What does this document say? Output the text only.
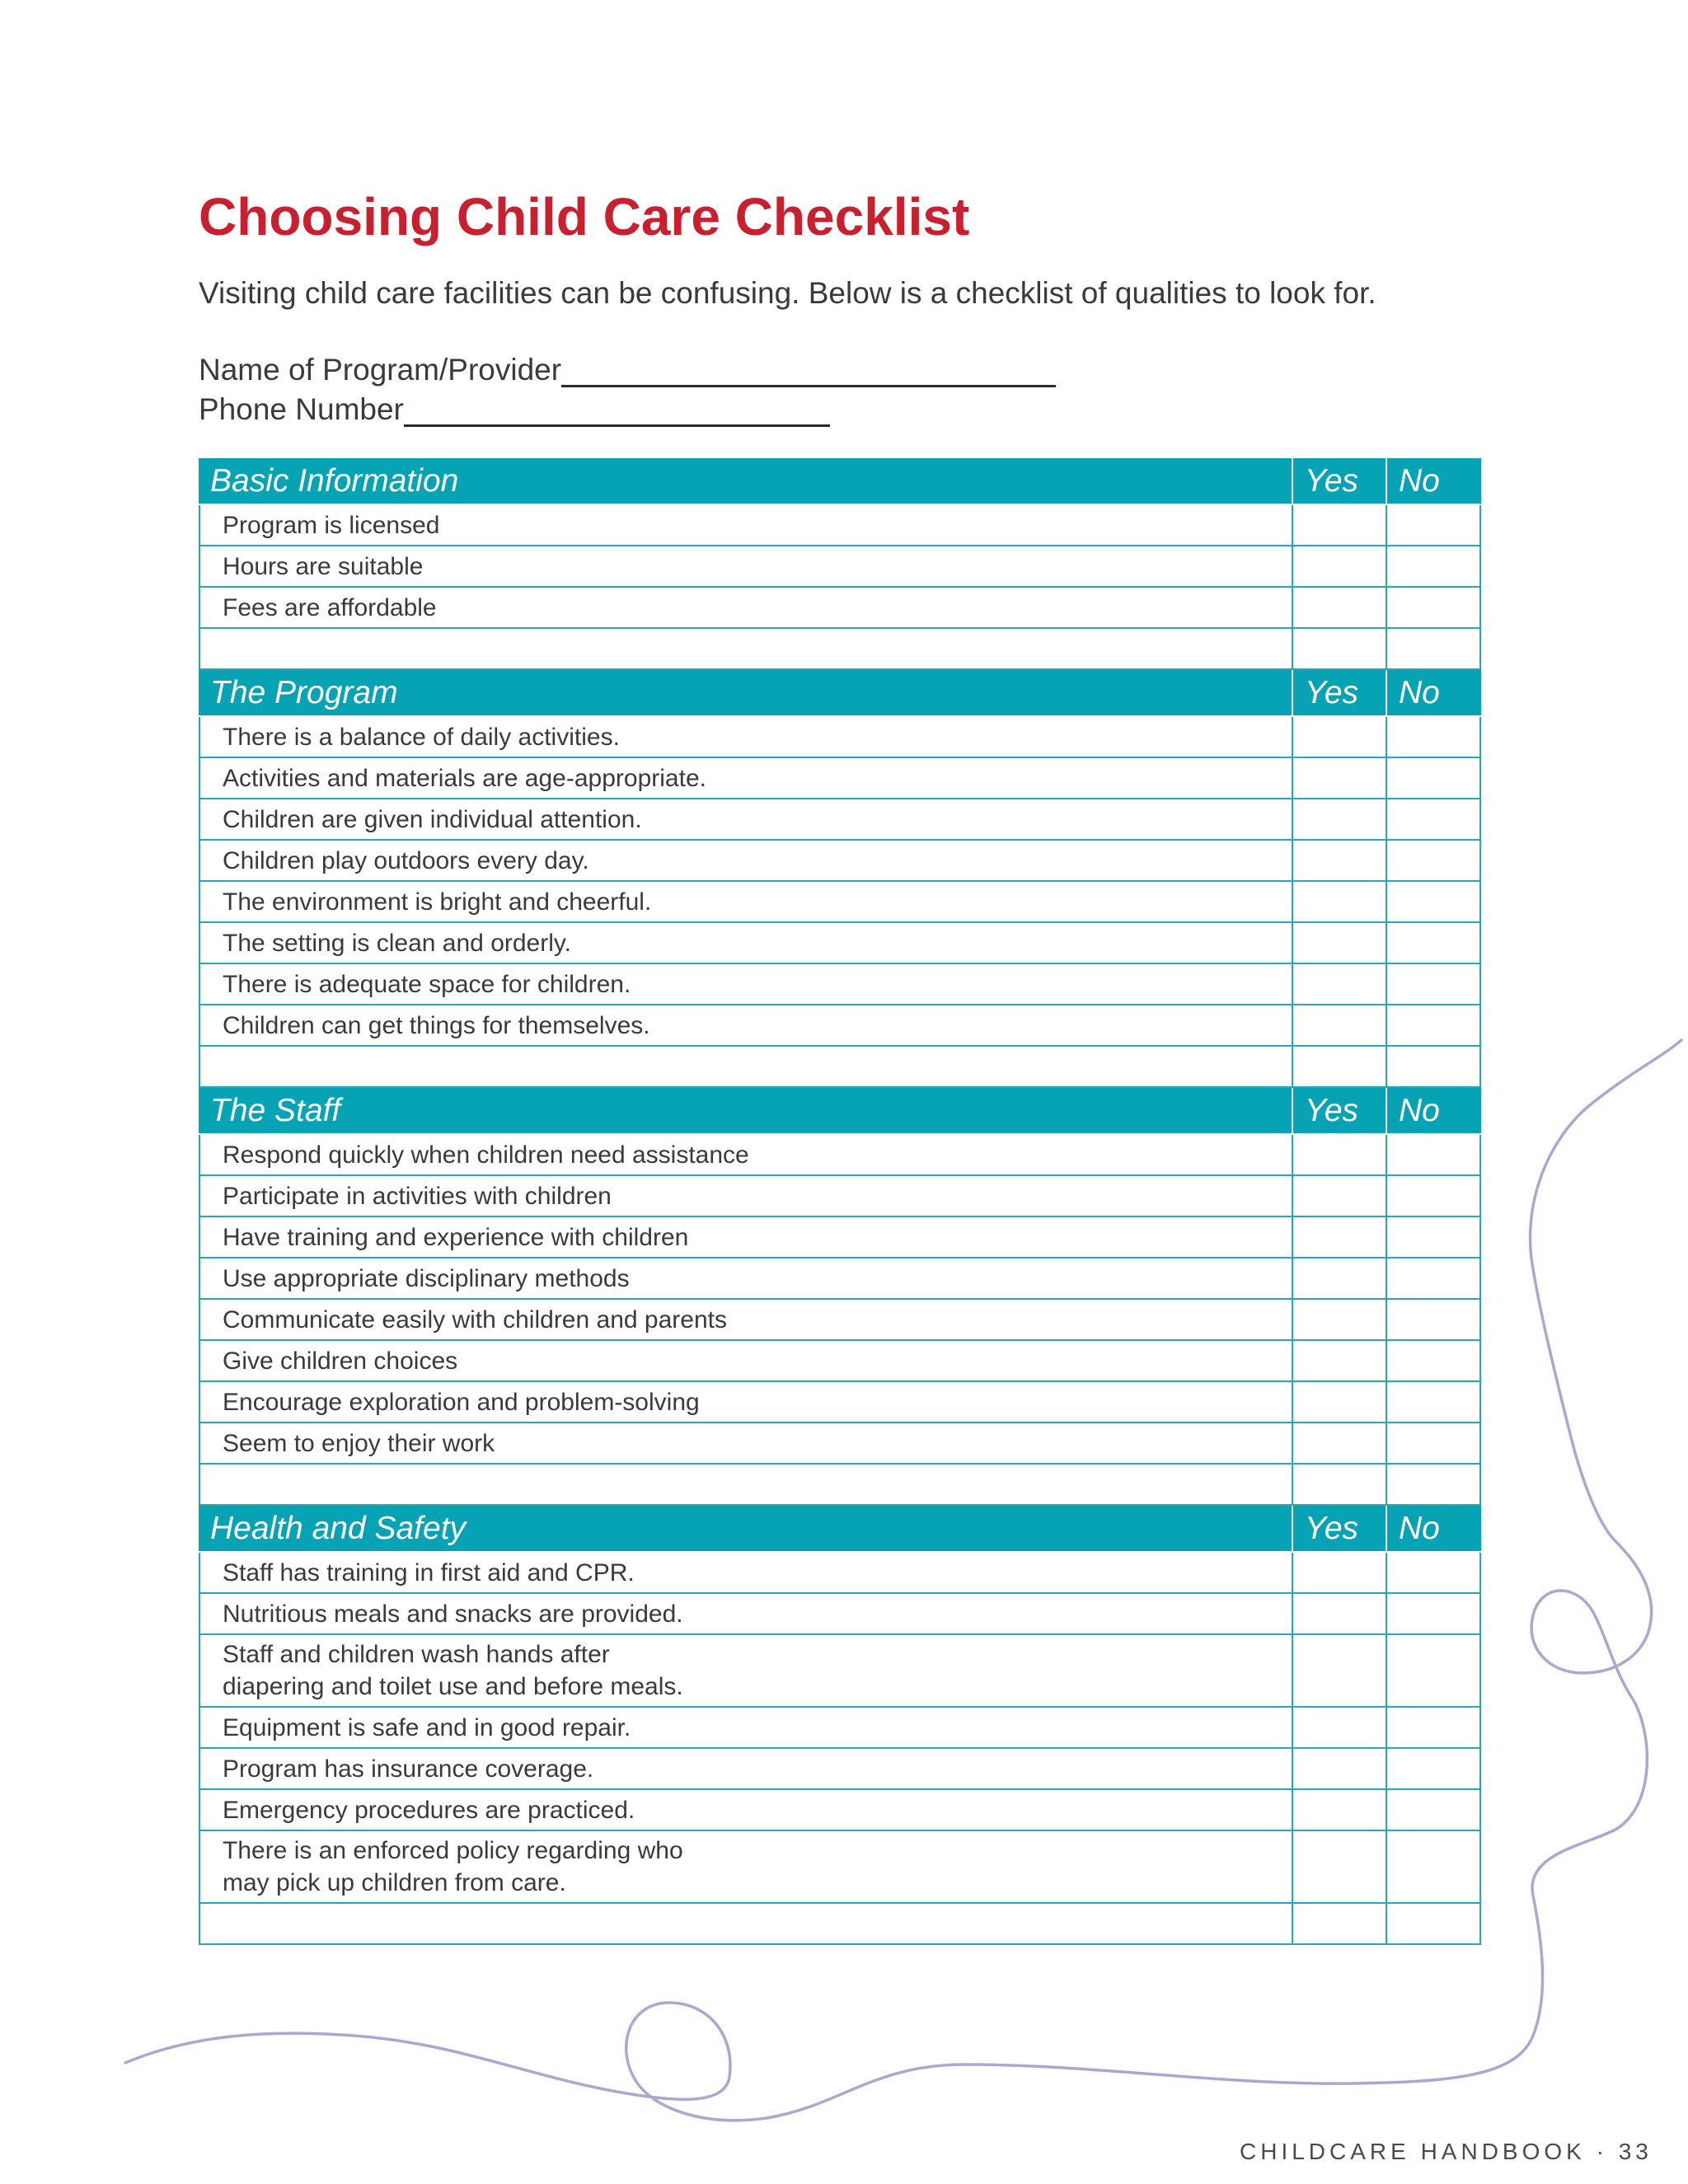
Choosing Child Care Checklist
Visiting child care facilities can be confusing. Below is a checklist of qualities to look for.
Name of Program/Provider
Phone Number
Basic Information	Yes	No
Program is licensed		
Hours are suitable		
Fees are affordable		

The Program	Yes	No
There is a balance of daily activities.		
Activities and materials are age-appropriate.		
Children are given individual attention.		
Children play outdoors every day.		
The environment is bright and cheerful.		
The setting is clean and orderly.		
There is adequate space for children.		
Children can get things for themselves.		

The Staff	Yes	No
Respond quickly when children need assistance		
Participate in activities with children		
Have training and experience with children		
Use appropriate disciplinary methods		
Communicate easily with children and parents		
Give children choices		
Encourage exploration and problem-solving		
Seem to enjoy their work		

Health and Safety	Yes	No
Staff has training in first aid and CPR.		
Nutritious meals and snacks are provided.		
Staff and children wash hands after
diapering and toilet use and before meals.		
Equipment is safe and in good repair.		
Program has insurance coverage.		
Emergency procedures are practiced.		
There is an enforced policy regarding who
may pick up children from care.		

CHILDCARE HANDBOOK · 33
